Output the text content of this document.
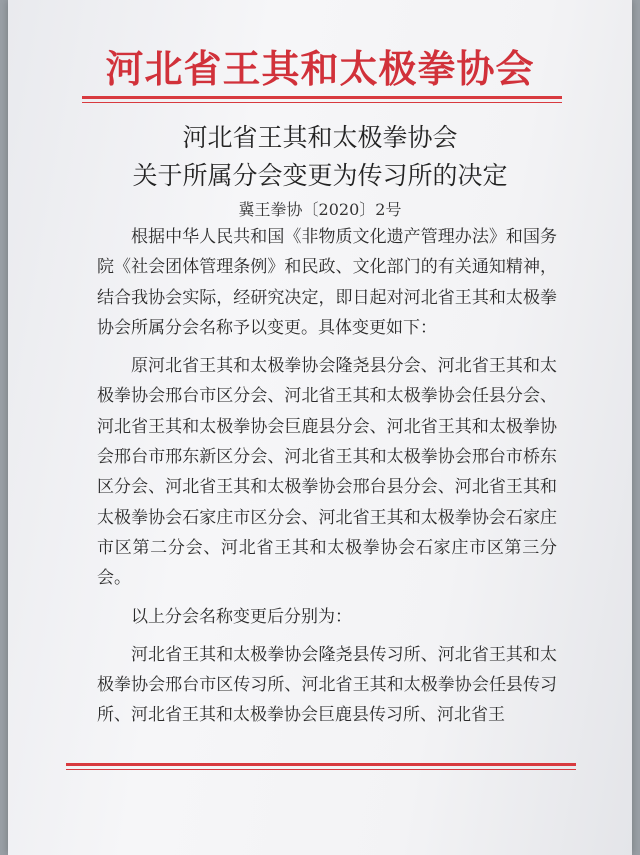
河北省王其和太极拳协会
河北省王其和太极拳协会
关于所属分会变更为传习所的决定
冀王拳协〔2020〕2号

根据中华人民共和国《非物质文化遗产管理办法》和国务院《社会团体管理条例》和民政、文化部门的有关通知精神，结合我协会实际，经研究决定，即日起对河北省王其和太极拳协会所属分会名称予以变更。具体变更如下：

原河北省王其和太极拳协会隆尧县分会、河北省王其和太极拳协会邢台市区分会、河北省王其和太极拳协会任县分会、河北省王其和太极拳协会巨鹿县分会、河北省王其和太极拳协会邢台市邢东新区分会、河北省王其和太极拳协会邢台市桥东区分会、河北省王其和太极拳协会邢台县分会、河北省王其和太极拳协会石家庄市区分会、河北省王其和太极拳协会石家庄市区第二分会、河北省王其和太极拳协会石家庄市区第三分会。

以上分会名称变更后分别为：

河北省王其和太极拳协会隆尧县传习所、河北省王其和太极拳协会邢台市区传习所、河北省王其和太极拳协会任县传习所、河北省王其和太极拳协会巨鹿县传习所、河北省王
